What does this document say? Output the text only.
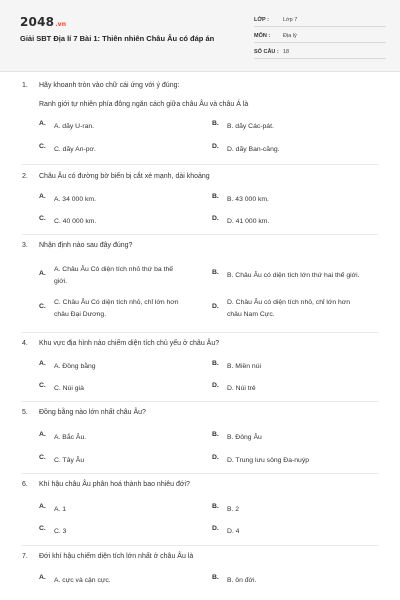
2048.vn
Giải SBT Địa lí 7 Bài 1: Thiên nhiên Châu Âu có đáp án
LỚP :	Lớp 7
MÔN :	Địa lý
SỐ CÂU : 18
1. Hãy khoanh tròn vào chữ cái ứng với ý đúng:
Ranh giới tự nhiên phía đông ngăn cách giữa châu Âu và châu Á là
A.	A. dãy U-ran.	B.	B. dãy Các-pát.
C.	C. dãy An-pơ.	D.	D. dãy Ban-căng.
2. Châu Âu có đường bờ biển bị cắt xẻ mạnh, dài khoảng
A.	A. 34 000 km.	B.	B. 43 000 km.
C.	C. 40 000 km.	D.	D. 41 000 km.
3. Nhận định nào sau đây đúng?
A.
A. Châu Âu Có diện tích nhỏ thứ ba thế
giới.
B.	B. Châu Âu có diện tích lớn thứ hai thế giới.
C.
C. Châu Âu Có diện tích nhỏ, chỉ lớn hơn
châu Đại Dương.
D.
D. Châu Âu có diện tích nhỏ, chỉ lớn hơn
châu Nam Cực.
4. Khu vực địa hình nào chiếm diện tích chủ yếu ở châu Âu?
A.	A. Đồng bằng	B.	B. Miền núi
C.	C. Núi già	D.	D. Núi trẻ
5. Đồng bằng nào lớn nhất châu Âu?
A.	A. Bắc Âu.	B.	B. Đông Âu
C.	C. Tây Âu	D.	D. Trung lưu sông Đa-nuýp
6. Khí hậu châu Âu phân hoá thành bao nhiêu đới?
A.	A. 1	B.	B. 2
C.	C. 3	D.	D. 4
7. Đới khí hậu chiếm diện tích lớn nhất ở châu Âu là
A.	A. cực và cận cực.	B.	B. ôn đới.
